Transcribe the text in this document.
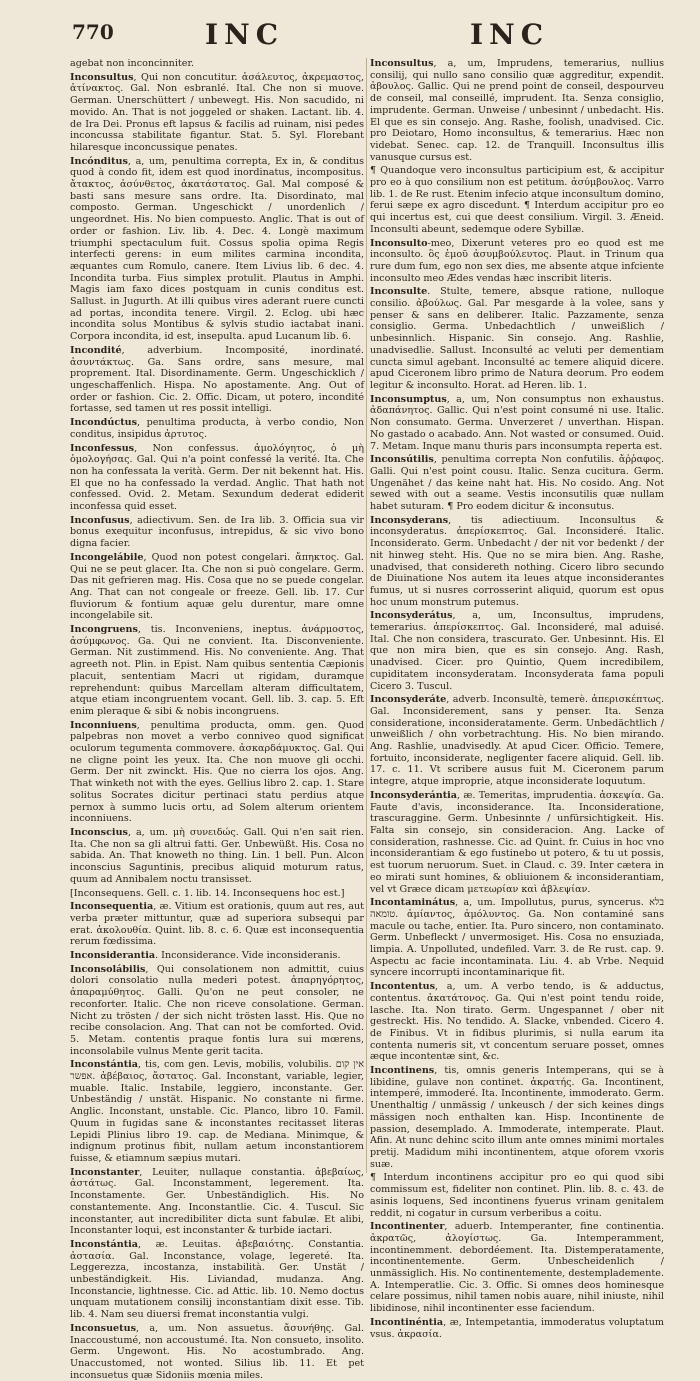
770	INC	INC
agebat non inconcinniter.
Inconsultus, Qui non concutitur. ἀσάλευτος, ἀκρεμαστος, ἀτίνακτος. Gal. Non esbranlé. Ital. Che non si muove. German. Unerschüttert / unbewegt. His. Non sacudido, ni movido. An. That is not joggeled or shaken. Lactant. lib. 4. de Ira Dei. Pronus eft lapsus & facilis ad ruinam, nisi pedes inconcussa stabilitate figantur. Stat. 5. Syl. Florebant hilaresque inconcussique penates.
Incónditus, a, um, penultima correpta, Ex in, & conditus quod à condo fit, idem est quod inordinatus, incompositus. ἄτακτος, ἀσύνθετος, ἀκατάστατος. Gal. Mal composé & basti sans mesure sans ordre. Ita. Disordinato, mal composto. German. Ungeschickt / unordenlich / ungeordnet. His. No bien compuesto. Anglic. That is out of order or fashion. Liv. lib. 4. Dec. 4. Longè maximum triumphi spectaculum fuit. Cossus spolia opima Regis interfecti gerens: in eum milites carmina incondita, æquantes cum Romulo, canere. Item Livius lib. 6 dec. 4. Incondita turba. Fius simplex protulit. Plautus in Amphi. Magis iam faxo dices postquam in cunis conditus est. Sallust. in Jugurth. At illi quibus vires aderant ruere cuncti ad portas, incondita tenere. Virgil. 2. Eclog. ubi hæc incondita solus Montibus & sylvis studio iactabat inani. Corpora incondita, id est, insepulta. apud Lucanum lib. 6.
Incondité, adverbium. Incomposité, inordinaté. ἀσυντάκτως. Ga. Sans ordre, sans mesure, mal proprement. Ital. Disordinamente. Germ. Ungeschicklich / ungeschaffenlich. Hispa. No apostamente. Ang. Out of order or fashion. Cic. 2. Offic. Dicam, ut potero, incondité fortasse, sed tamen ut res possit intelligi.
Incondúctus, penultima producta, à verbo condio, Non conditus, insipidus ἀρτυτος.
Inconfessus, Non confessus. ἀμολόγητος, ὁ μὴ ὁμολογήσας. Gal. Qui n'a point confessé la verité. Ita. Che non ha confessata la verità. Germ. Der nit bekennt hat. His. El que no ha confessado la verdad. Anglic. That hath not confessed. Ovid. 2. Metam. Sexundum dederat ediderit inconfessa quid esset.
Inconfusus, adiectivum. Sen. de Ira lib. 3. Officia sua vir bonus exequitur inconfusus, intrepidus, & sic vivo bono digna facier.
Incongelábile, Quod non potest congelari. ἄπηκτος. Gal. Qui ne se peut glacer. Ita. Che non si può congelare. Germ. Das nit gefrieren mag. His. Cosa que no se puede congelar. Ang. That can not congeale or freeze. Gell. lib. 17. Cur fluviorum & fontium aquæ gelu durentur, mare omne incongelabile sit.
Incongruens, tis. Inconveniens, ineptus. ἀνάρμοστος, ἀσύμφωνος. Ga. Qui ne convient. Ita. Disconveniente. German. Nit zustimmend. His. No conveniente. Ang. That agreeth not. Plin. in Epist. Nam quibus sententia Cæpionis placuit, sententiam Macri ut rigidam, duramque reprehendunt: quibus Marcellam alteram difficultatem, atque etiam incongruentem vocant. Gell. lib. 3. cap. 5. Eft enim pleraque & sibi & nobis incongruens.
Inconniuens, penultima producta, omm. gen. Quod palpebras non movet a verbo conniveo quod significat oculorum tegumenta commovere. ἀσκαρδάμυκτος. Gal. Qui ne cligne point les yeux. Ita. Che non muove gli occhi. Germ. Der nit zwinckt. His. Que no cierra los ojos. Ang. That winketh not with the eyes. Gellius libro 2. cap. 1. Stare solitus Socrates dicitur pertinaci statu perdius atque pernox à summo lucis ortu, ad Solem alterum orientem inconniuens.
Inconscius, a, um. μὴ συνειδώς. Gall. Qui n'en sait rien. Ita. Che non sa gli altrui fatti. Ger. Unbewüßt. His. Cosa no sabida. An. That knoweth no thing. Lin. 1 bell. Pun. Alcon inconscius Saguntinis, precibus aliquid moturum ratus, quum ad Annibalem noctu transisset.
[Inconsequens. Gell. c. 1. lib. 14. Inconsequens hoc est.]
Inconsequentia, æ. Vitium est orationis, quum aut res, aut verba præter mittuntur, quæ ad superiora subsequi par erat. ἀκολουθία. Quint. lib. 8. c. 6. Quæ est inconsequentia rerum fœdissima.
Inconsiderantia. Inconsiderance. Vide inconsideranis.
Inconsolábilis, Qui consolationem non admittit, cuius dolori consolatio nulla mederi potest. ἀπαρηγόρητος, ἀπαραμύθητος. Galli. Qu'on ne peut consoler, ne reconforter. Italic. Che non riceve consolatione. German. Nicht zu trösten / der sich nicht trösten lasst. His. Que no recibe consolacion. Ang. That can not be comforted. Ovid. 5. Metam. contentis praque fontis lura sui mœrens, inconsolabile vulnus Mente gerit tacita.
Inconstántia, tis, com gen. Levis, mobilis, volubilis. אין קום אפשר. ἀβέβαιος, ἄστατος. Gal. Inconstant, variable, legier, muable. Italic. Instabile, leggiero, inconstante. Ger. Unbeständig / unstät. Hispanic. No constante ni firme. Anglic. Inconstant, unstable. Cic. Planco, libro 10. Famil. Quum in fugidas sane & inconstantes recitasset literas Lepidi Plinius libro 19. cap. de Mediana. Minimque, & indignum protinus fibit, nullam aetum inconstantiorem fuisse, & etiamnum sæpius mutari.
Inconstanter, Leuiter, nullaque constantia. ἀβεβαίως, ἀστάτως. Gal. Inconstamment, legerement. Ita. Inconstamente. Ger. Unbeständiglich. His. No constantemente. Ang. Inconstantlie. Cic. 4. Tuscul. Sic inconstanter, aut incredibiliter dicta sunt fabulæ. Et alibi, Inconstanter loqui, est inconstanter & turbide iactari.
Inconstántia, æ. Leuitas. ἀβεβαιότης. Constantia. ἀστασία. Gal. Inconstance, volage, legereté. Ita. Leggerezza, incostanza, instabilità. Ger. Unstät / unbeständigkeit. His. Liviandad, mudanza. Ang. Inconstancie, lightnesse. Cic. ad Attic. lib. 10. Nemo doctus unquam mutationem consilij inconstantiam dixit esse. Tib. lib. 4. Nam seu diuersi fremat inconstantia vulgi.
Inconsuetus, a, um. Non assuetus. ἄσυνήθης. Gal. Inaccoustumé, non accoustumé. Ita. Non consueto, insolito. Germ. Ungewont. His. No acostumbrado. Ang. Unaccustomed, not wonted. Silius lib. 11. Et pet inconsuetus quæ Sidoniis mœnia miles.
Inconsultus, a, um, Imprudens, temerarius, nullius consilij, qui nullo sano consilio quæ aggreditur, expendit. ἀβουλος. Gallic. Qui ne prend point de conseil, despourveu de conseil, mal conseillé, imprudent. Ita. Senza consiglio, imprudente. German. Unweise / unbesinnt / unbedacht. His. El que es sin consejo. Ang. Rashe, foolish, unadvised. Cic. pro Deiotaro, Homo inconsultus, & temerarius. Hæc non videbat. Senec. cap. 12. de Tranquill. Inconsultus illis vanusque cursus est.
¶ Quandoque vero inconsultus participium est, & accipitur pro eo à quo consilium non est petitum. ἀσύμβουλος. Varro lib. 1. de Re rust. Etenim infecio atque inconsultum domino, ferui sæpe ex agro discedunt. ¶ Interdum accipitur pro eo qui incertus est, cui que deest consilium. Virgil. 3. Æneid. Inconsulti abeunt, sedemque odere Sybillæ.
Inconsulto-meo, Dixerunt veteres pro eo quod est me inconsulto. ὃς ἐμοῦ ἀσυμβούλευτος. Plaut. in Trinum qua rure dum fum, ego non sex dies, me absente atque infciente inconsulto meo Ædes vendas hæc inscribit literis.
Inconsulte. Stulte, temere, absque ratione, nulloque consilio. ἀβούλως. Gal. Par mesgarde à la volee, sans y penser & sans en deliberer. Italic. Pazzamente, senza consiglio. Germa. Unbedachtlich / unweißlich / unbesinnlich. Hispanic. Sin consejo. Ang. Rashlie, unadvisedlie. Sallust. Inconsulté ac veluti per dementiam cuncta simul agebant. Inconsulté ac temere aliquid dicere. apud Ciceronem libro primo de Natura deorum. Pro eodem legitur & inconsulto. Horat. ad Heren. lib. 1.
Inconsumptus, a, um, Non consumptus non exhaustus. ἀδαπάνητος. Gallic. Qui n'est point consumé ni use. Italic. Non consumato. Germa. Unverzeret / unverthan. Hispan. No gastado o acabado. Ann. Not wasted or consumed. Ouid. 7. Metam. Inque manu thuris pars inconsumpta reperta est.
Inconsútilis, penultima correpta Non confutilis. ἄῤῥαφος. Galli. Qui n'est point cousu. Italic. Senza cucitura. Germ. Ungenähet / das keine naht hat. His. No cosido. Ang. Not sewed with out a seame. Vestis inconsutilis quæ nullam habet suturam. ¶ Pro eodem dicitur & inconsutus.
Inconsyderans, tis adiectiuum. Inconsultus & inconsyderatus. ἀπερίσκεπτος. Gal. Inconsideré. Italic. Inconsiderato. Germ. Unbedacht / der nit vor bedenkt / der nit hinweg steht. His. Que no se mira bien. Ang. Rashe, unadvised, that considereth nothing. Cicero libro secundo de Diuinatione Nos autem ita leues atque inconsiderantes fumus, ut si nusres corrosserint aliquid, quorum est opus hoc unum monstrum putemus.
Inconsyderátus, a, um, Inconsultus, imprudens, temerarius. ἀπερίσκεπτος. Gal. Inconsideré, mal aduisé. Ital. Che non considera, trascurato. Ger. Unbesinnt. His. El que non mira bien, que es sin consejo. Ang. Rash, unadvised. Cicer. pro Quintio, Quem incredibilem, cupiditatem inconsyderatam. Inconsyderata fama populi Cicero 3. Tuscul.
Inconsyderáte, adverb. Inconsultè, temerè. ἀπερισκέπτως. Gal. Inconsiderement, sans y penser. Ita. Senza consideratione, inconsideratamente. Germ. Unbedächtlich / unweißlich / ohn vorbetrachtung. His. No bien mirando. Ang. Rashlie, unadvisedly. At apud Cicer. Officio. Temere, fortuito, inconsiderate, negligenter facere aliquid. Gell. lib. 17. c. 11. Vt scribere ausus fuit M. Ciceronem parum integre, atque improprie, atque inconsiderate loquutum.
Inconsyderántia, æ. Temeritas, imprudentia. ἀσκεψία. Ga. Faute d'avis, inconsiderance. Ita. Inconsideratione, trascuraggine. Germ. Unbesinnte / unfürsichtigkeit. His. Falta sin consejo, sin consideracion. Ang. Lacke of consideration, rashnesse. Cic. ad Quint. fr. Cuius in hoc vno inconsiderantiam & ego fustinebo ut potero, & tu ut possis, est tuorum neruorum. Suet. in Claud. c. 39. Inter cætera in eo mirati sunt homines, & obliuionem & inconsiderantiam, vel vt Græce dicam μετεωρίαν καὶ ἀβλεψίαν.
Incontaminátus, a, um. Impollutus, purus, syncerus. בלא טומאה. ἀμίαντος, ἀμόλυντος. Ga. Non contaminé sans macule ou tache, entier. Ita. Puro sincero, non contaminato. Germ. Unbefleckt / unvermosiget. His. Cosa no ensuziada, limpia. A. Unpolluted, undefiled. Varr. 3. de Re rust. cap. 9. Aspectu ac facie incontaminata. Liu. 4. ab Vrbe. Nequid syncere incorrupti incontaminarique fit.
Incontentus, a, um. A verbo tendo, is & adductus, contentus. ἀκατάτονος. Ga. Qui n'est point tendu roide, lasche. Ita. Non tirato. Germ. Ungespannet / ober nit gestreckt. His. No tendido. A. Slacke, vnbended. Cicero 4. de Finibus. Vt in fidibus plurimis, si nulla earum ita contenta numeris sit, vt concentum seruare posset, omnes æque incontentæ sint, &c.
Incontinens, tis, omnis generis Intemperans, qui se à libidine, gulave non continet. ἀκρατής. Ga. Incontinent, intemperé, immoderé. Ita. Incontinente, immoderato. Germ. Unenthaltig / unmässig / unkeusch / der sich keines dings mässigen noch enthalten kan. Hisp. Incontinente de passion, desemplado. A. Immoderate, intemperate. Plaut. Afin. At nunc dehinc scito illum ante omnes minimi mortales pretij. Madidum mihi incontinentem, atque oforem vxoris suæ.
¶ Interdum incontinens accipitur pro eo qui quod sibi commissum est, fideliter non continet. Plin. lib. 8. c. 43. de asinis loquens, Sed incontinens fyuerus vrinam genitalem reddit, ni cogatur in cursum verberibus a coitu.
Incontinenter, aduerb. Intemperanter, fine continentia. ἀκρατῶς, ἀλογίστως. Ga. Intemperamment, incontinemment. debordéement. Ita. Distemperatamente, incontinentemente. Germ. Unbescheidenlich / unmässiglich. His. No continentemente, destemplademente. A. Intemperatlie. Cic. 3. Offic. Si omnes deos hominesque celare possimus, nihil tamen nobis auare, nihil iniuste, nihil libidinose, nihil incontinenter esse faciendum.
Incontinéntia, æ, Intempetantia, immoderatus voluptatum vsus. ἀκρασία.
